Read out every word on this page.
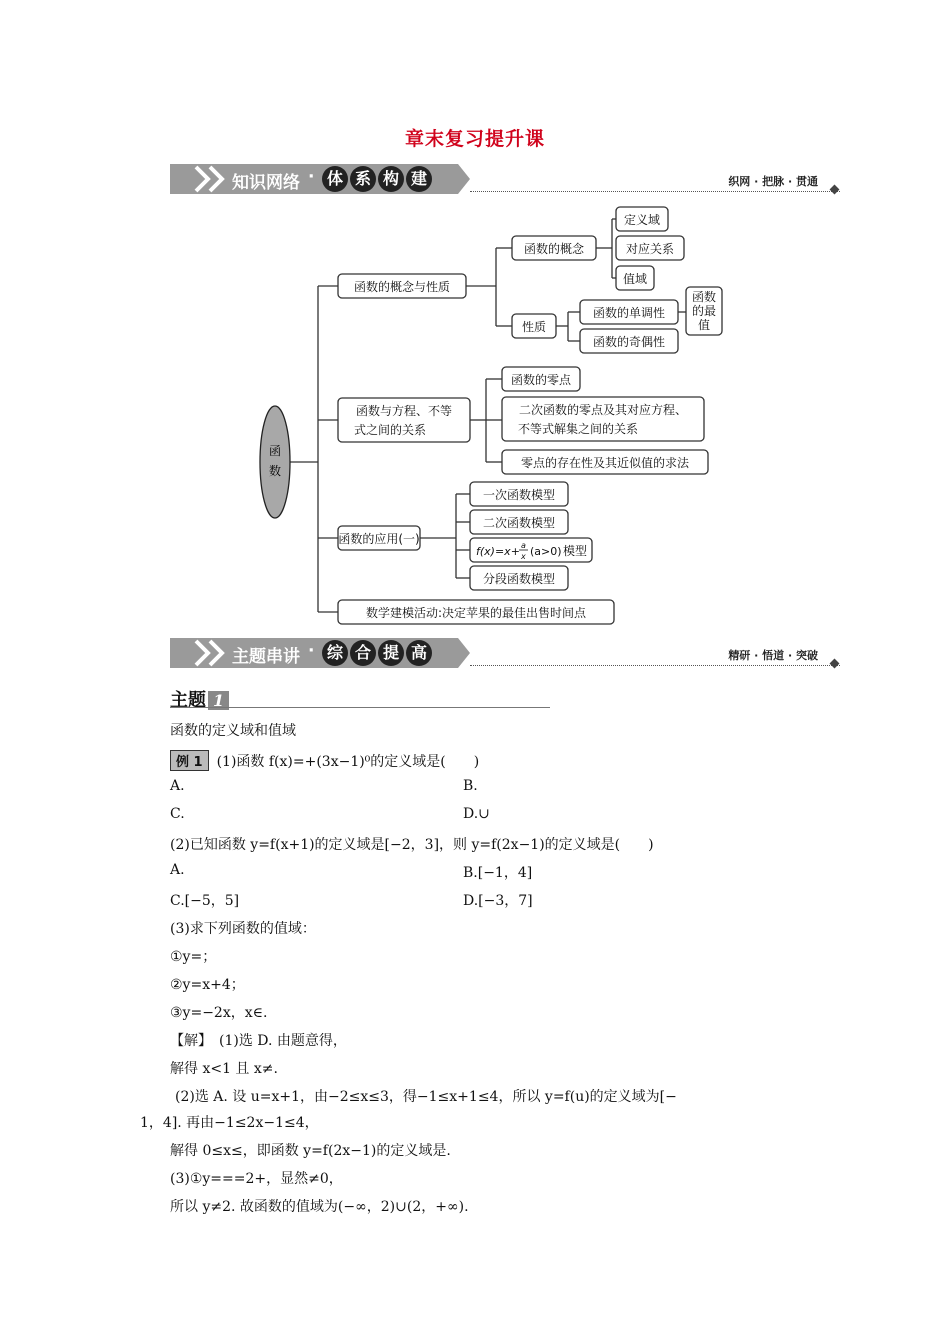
章末复习提升课
知识网络 · 体 系 构 建	织网 · 把脉 · 贯通
函
数
函数的概念与性质
函数的概念
定义域
对应关系
值域
性质
函数的单调性
函数的奇偶性
函数
的最
值
函数与方程、不等
式之间的关系
函数的零点
二次函数的零点及其对应方程、
不等式解集之间的关系
零点的存在性及其近似值的求法
函数的应用(一)
一次函数模型
二次函数模型
f(x)=x+ a
x (a>0) 模型
分段函数模型
数学建模活动:决定苹果的最佳出售时间点
主题串讲 · 综 合 提 高	精研 · 悟道 · 突破
主题 1
函数的定义域和值域
例 1 (1)函数 f(x)=+(3x−1)⁰的定义域是(　　)
A.	B.
C.	D.∪
(2)已知函数 y=f(x+1)的定义域是[−2，3]，则 y=f(2x−1)的定义域是(　　)
A.	B.[−1，4]
C.[−5，5]	D.[−3，7]
(3)求下列函数的值域：
①y=；
②y=x+4；
③y=−2x，x∈.
【解】　(1)选 D. 由题意得，
解得 x<1 且 x≠.
(2)选 A. 设 u=x+1，由−2≤x≤3，得−1≤x+1≤4，所以 y=f(u)的定义域为[−
1，4]. 再由−1≤2x−1≤4，
解得 0≤x≤，即函数 y=f(2x−1)的定义域是.
(3)①y===2+，显然≠0，
所以 y≠2. 故函数的值域为(−∞，2)∪(2，+∞).
